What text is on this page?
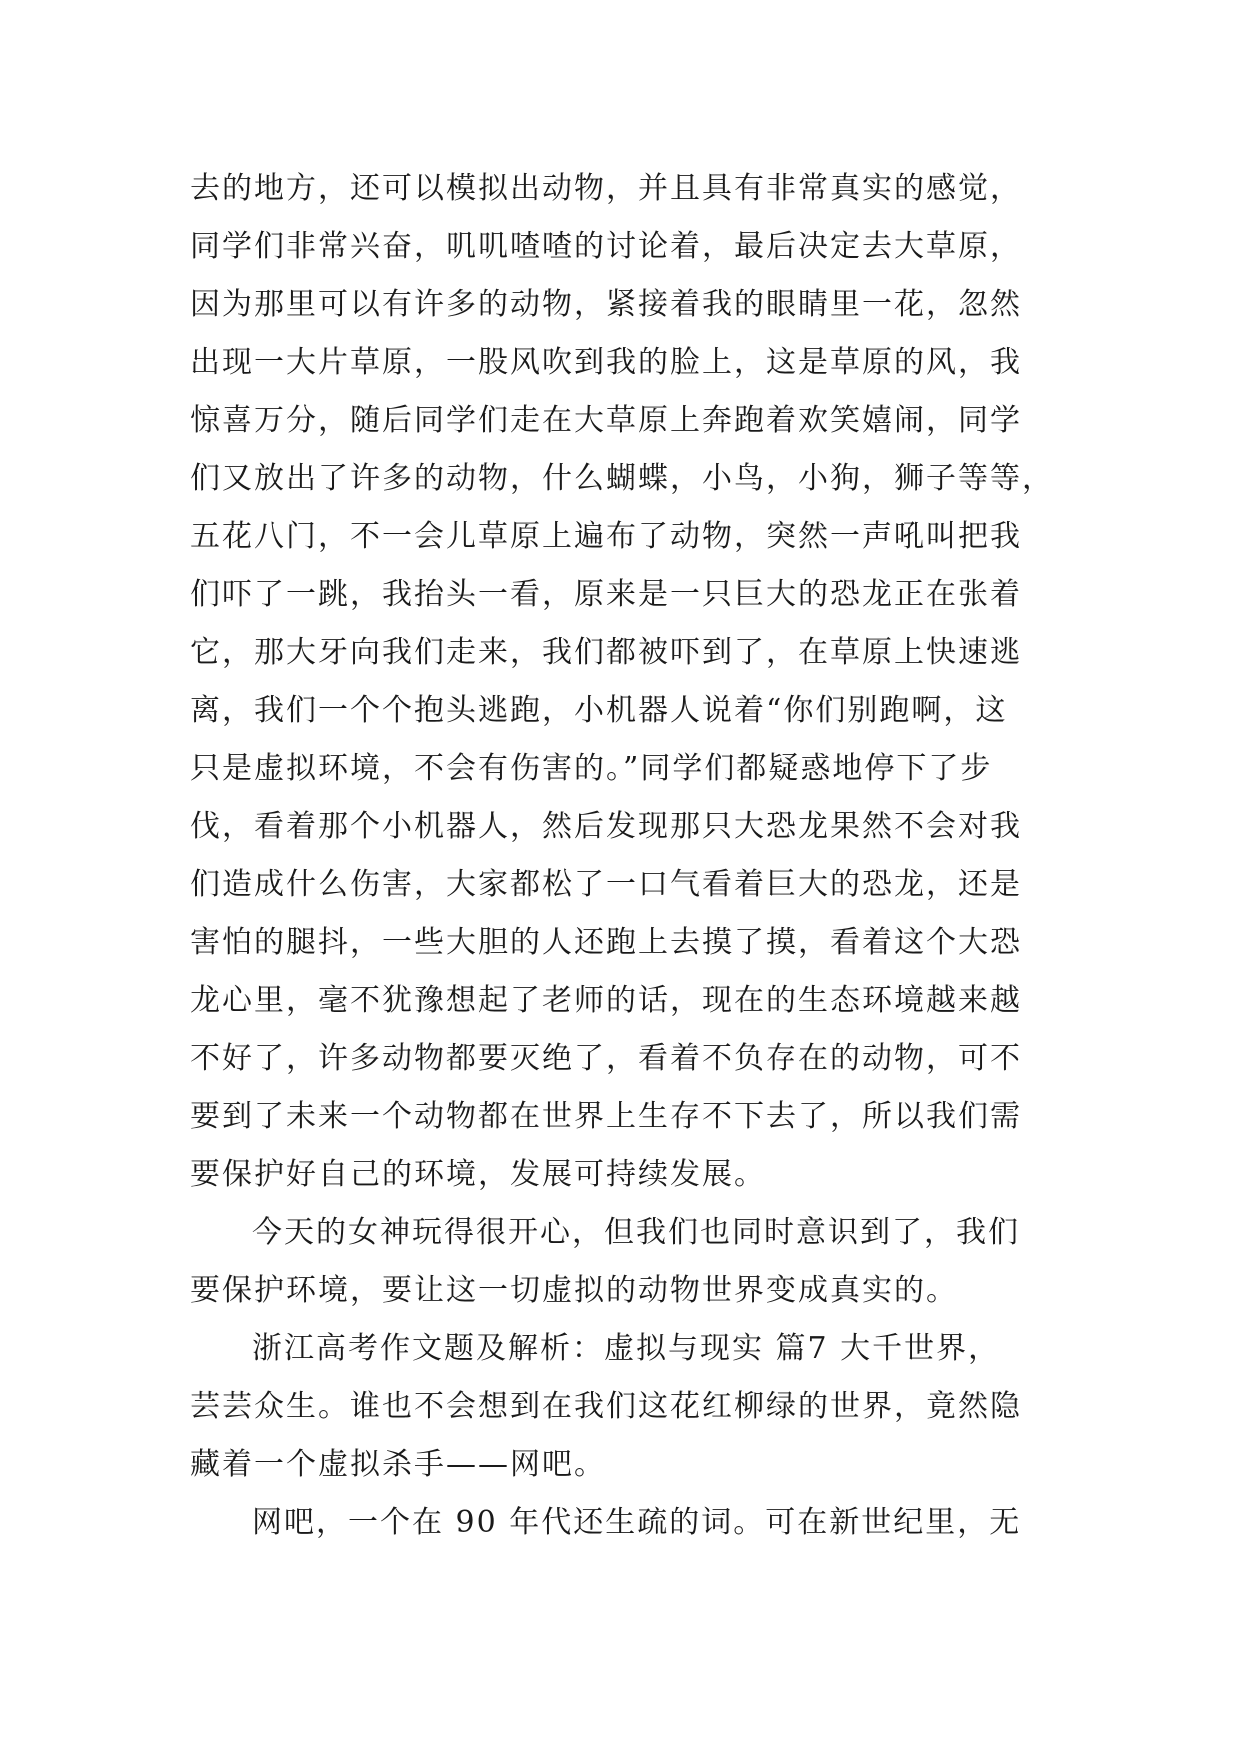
去的地方，还可以模拟出动物，并且具有非常真实的感觉，
同学们非常兴奋，叽叽喳喳的讨论着，最后决定去大草原，
因为那里可以有许多的动物，紧接着我的眼睛里一花，忽然
出现一大片草原，一股风吹到我的脸上，这是草原的风，我
惊喜万分，随后同学们走在大草原上奔跑着欢笑嬉闹，同学
们又放出了许多的动物，什么蝴蝶，小鸟，小狗，狮子等等，
五花八门，不一会儿草原上遍布了动物，突然一声吼叫把我
们吓了一跳，我抬头一看，原来是一只巨大的恐龙正在张着
它，那大牙向我们走来，我们都被吓到了，在草原上快速逃
离，我们一个个抱头逃跑，小机器人说着“你们别跑啊，这
只是虚拟环境，不会有伤害的。”同学们都疑惑地停下了步
伐，看着那个小机器人，然后发现那只大恐龙果然不会对我
们造成什么伤害，大家都松了一口气看着巨大的恐龙，还是
害怕的腿抖，一些大胆的人还跑上去摸了摸，看着这个大恐
龙心里，毫不犹豫想起了老师的话，现在的生态环境越来越
不好了，许多动物都要灭绝了，看着不负存在的动物，可不
要到了未来一个动物都在世界上生存不下去了，所以我们需
要保护好自己的环境，发展可持续发展。
今天的女神玩得很开心，但我们也同时意识到了，我们
要保护环境，要让这一切虚拟的动物世界变成真实的。
浙江高考作文题及解析：虚拟与现实 篇7 大千世界，
芸芸众生。谁也不会想到在我们这花红柳绿的世界，竟然隐
藏着一个虚拟杀手——网吧。
网吧，一个在 90 年代还生疏的词。可在新世纪里，无
